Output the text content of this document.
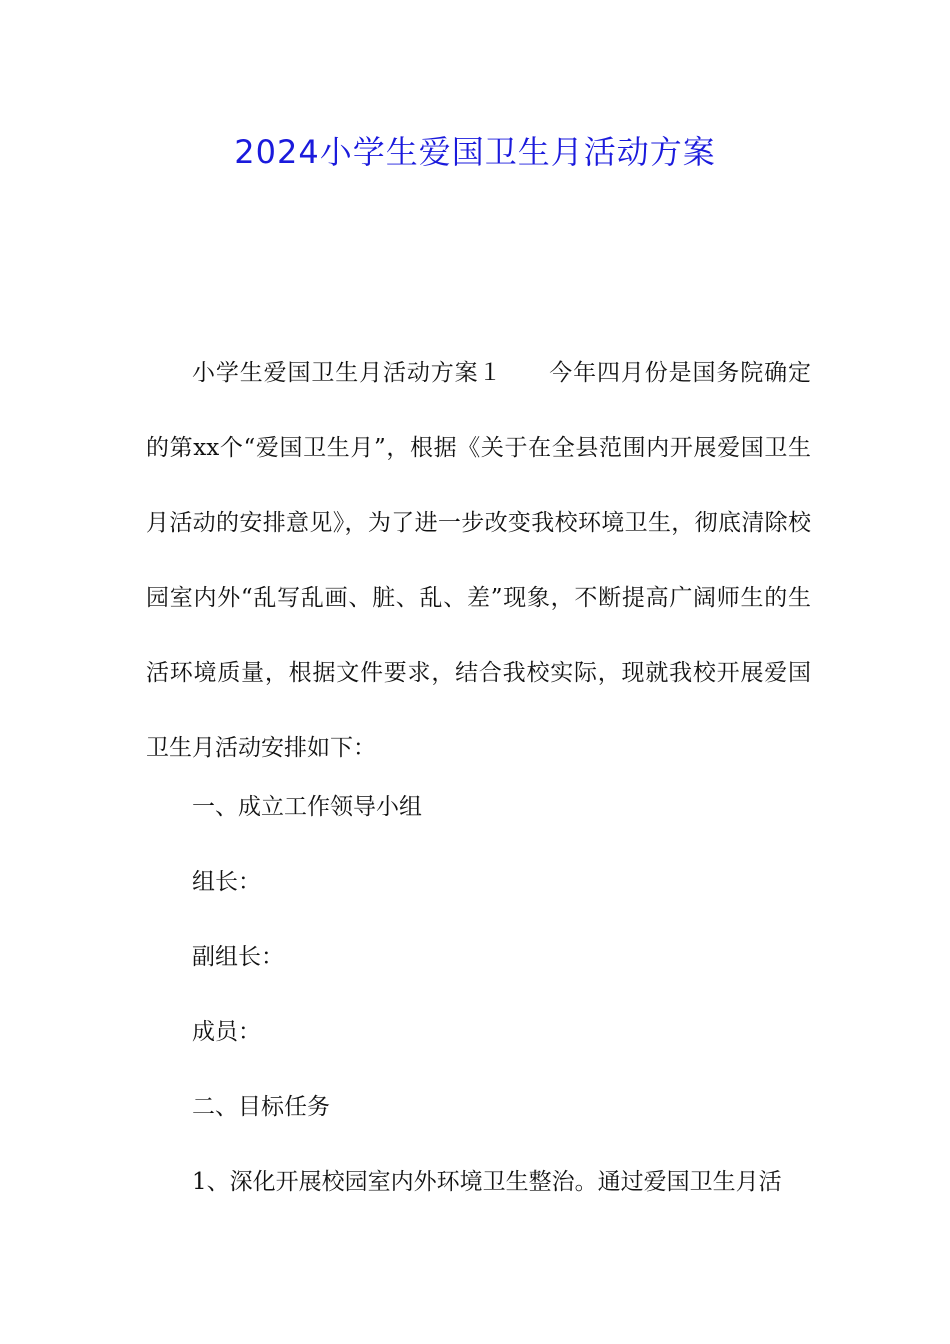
2024小学生爱国卫生月活动方案

小学生爱国卫生月活动方案１ 今年四月份是国务院确定的第xx个“爱国卫生月”，根据《关于在全县范围内开展爱国卫生月活动的安排意见》，为了进一步改变我校环境卫生，彻底清除校园室内外“乱写乱画、脏、乱、差”现象，不断提高广阔师生的生活环境质量，根据文件要求，结合我校实际，现就我校开展爱国卫生月活动安排如下：

一、成立工作领导小组

组长：

副组长：

成员：

二、目标任务

1、深化开展校园室内外环境卫生整治。通过爱国卫生月活
